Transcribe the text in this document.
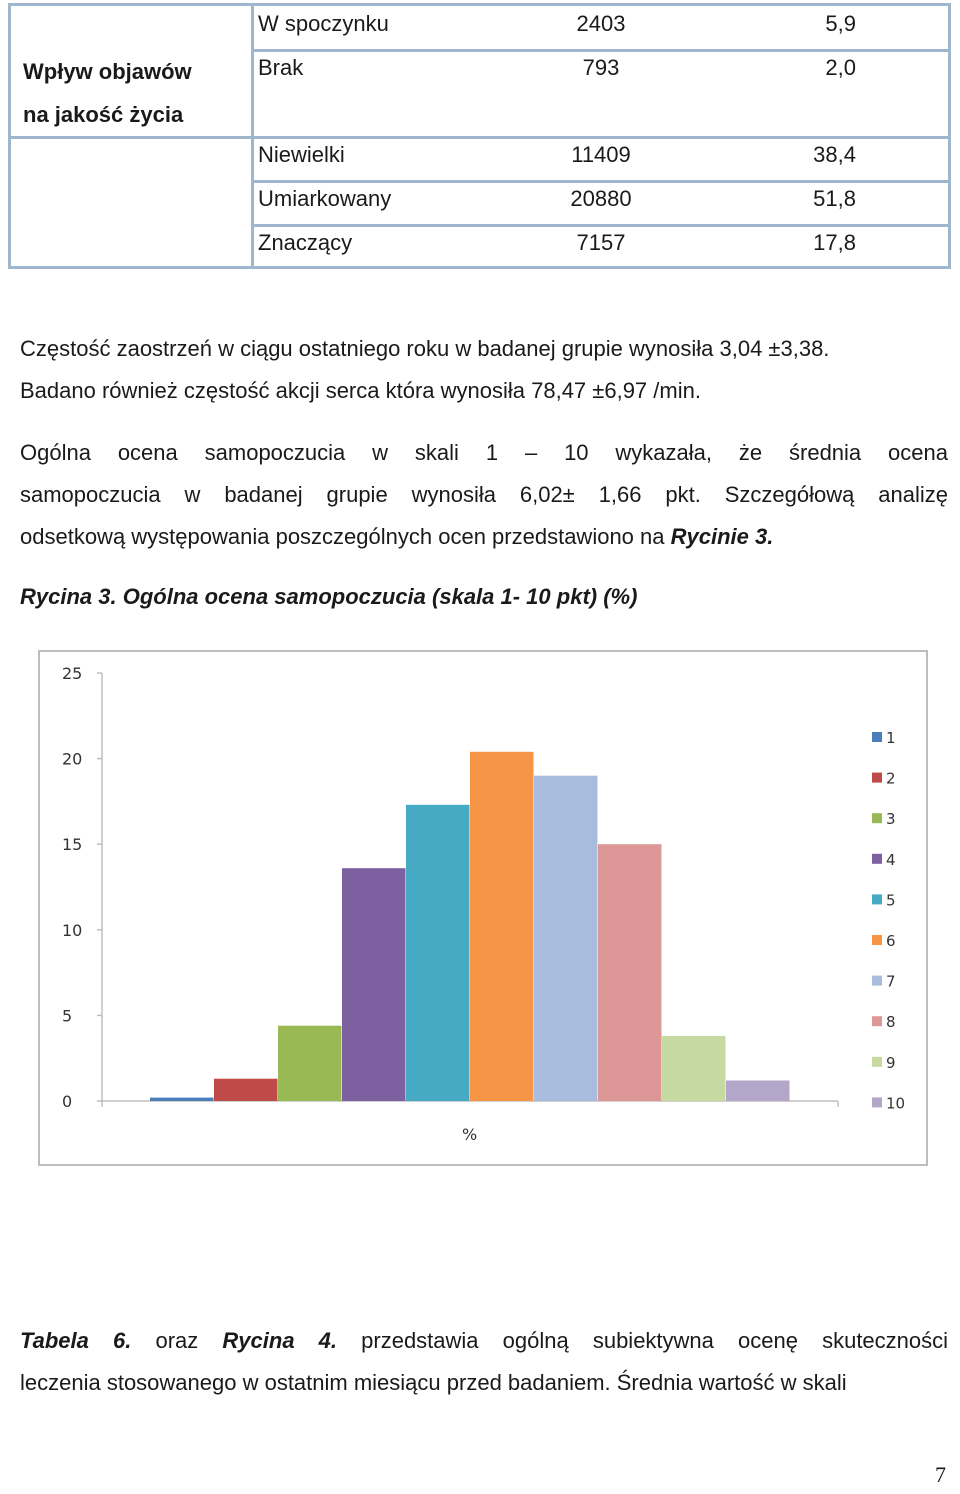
Wpływ objawów
na jakość życia
W spoczynku	2403	5,9
Brak	793	2,0
Niewielki	11409	38,4
Umiarkowany	20880	51,8
Znaczący	7157	17,8
Częstość zaostrzeń w ciągu ostatniego roku w badanej grupie wynosiła 3,04 ±3,38.
Badano również częstość akcji serca która wynosiła 78,47 ±6,97 /min.
Ogólna ocena samopoczucia w skali 1 – 10 wykazała, że średnia ocena
samopoczucia w badanej grupie wynosiła 6,02± 1,66 pkt. Szczegółową analizę
odsetkową występowania poszczególnych ocen przedstawiono na Rycinie 3.
Rycina 3. Ogólna ocena samopoczucia (skala 1- 10 pkt) (%)
0
5
10
15
20
25
%
1
2
3
4
5
6
7
8
9
10
Tabela 6. oraz Rycina 4. przedstawia ogólną subiektywna ocenę skuteczności
leczenia stosowanego w ostatnim miesiącu przed badaniem. Średnia wartość w skali
7
